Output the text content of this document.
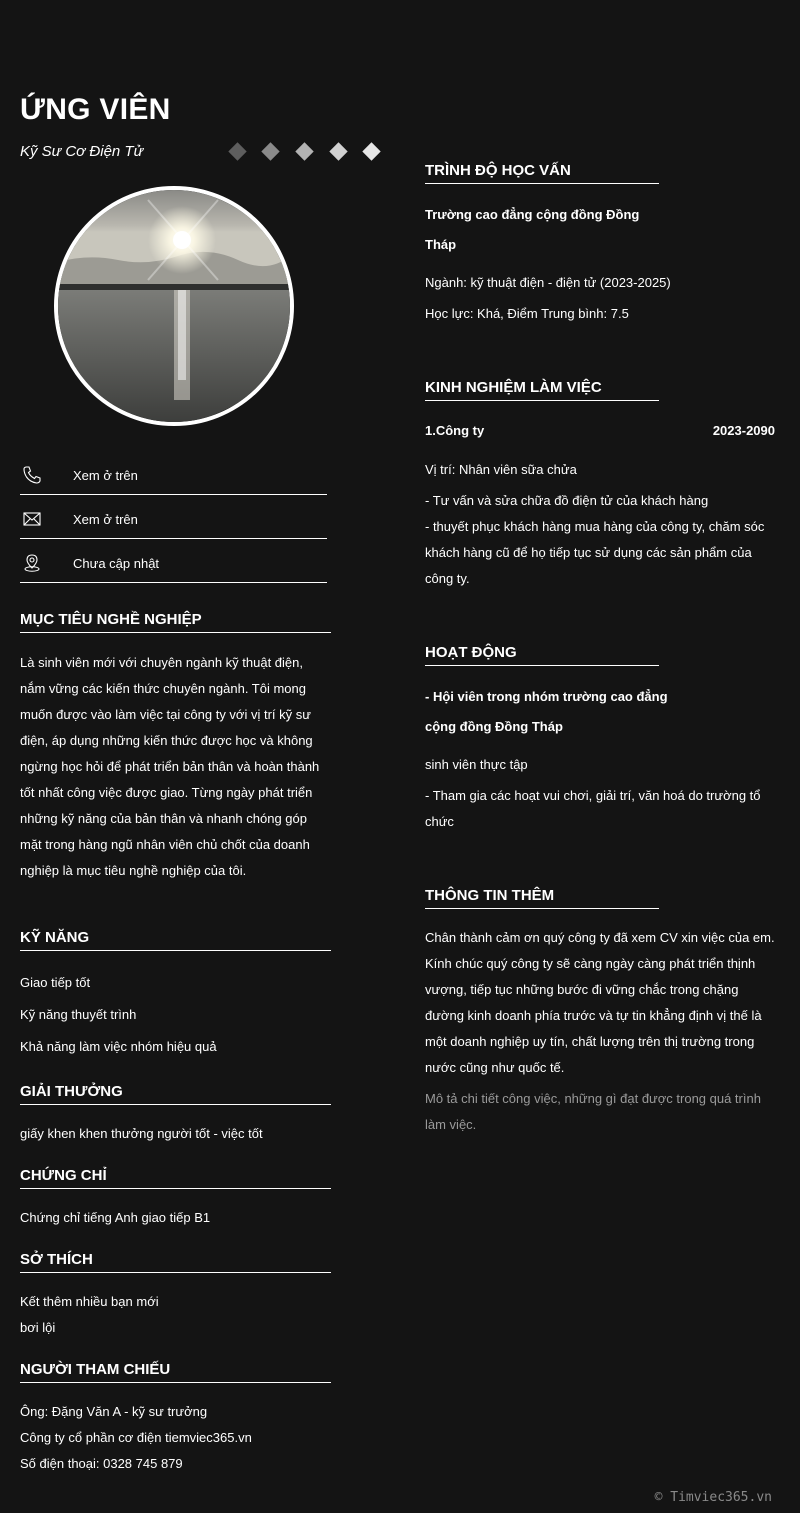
ỨNG VIÊN
Kỹ Sư Cơ Điện Tử
Xem ở trên
Xem ở trên
Chưa cập nhật
MỤC TIÊU NGHỀ NGHIỆP
Là sinh viên mới với chuyên ngành kỹ thuật điện, nắm vững các kiến thức chuyên ngành. Tôi mong muốn được vào làm việc tại công ty với vị trí kỹ sư điện, áp dụng những kiến thức được học và không ngừng học hỏi để phát triển bản thân và hoàn thành tốt nhất công việc được giao. Từng ngày phát triển những kỹ năng của bản thân và nhanh chóng góp mặt trong hàng ngũ nhân viên chủ chốt của doanh nghiệp là mục tiêu nghề nghiệp của tôi.
KỸ NĂNG
Giao tiếp tốt
Kỹ năng thuyết trình
Khả năng làm việc nhóm hiệu quả
GIẢI THƯỞNG
giấy khen khen thưởng người tốt - việc tốt
CHỨNG CHỈ
Chứng chỉ tiếng Anh giao tiếp B1
SỞ THÍCH
Kết thêm nhiều bạn mới
bơi lội
NGƯỜI THAM CHIẾU
Ông: Đặng Văn A - kỹ sư trưởng
Công ty cổ phần cơ điện tiemviec365.vn
Số điện thoại: 0328 745 879
TRÌNH ĐỘ HỌC VẤN
Trường cao đẳng cộng đồng Đồng Tháp
Ngành: kỹ thuật điện - điện tử (2023-2025)
Học lực: Khá, Điểm Trung bình: 7.5
KINH NGHIỆM LÀM VIỆC
1.Công ty	2023-2090
Vị trí: Nhân viên sữa chửa
- Tư vấn và sửa chữa đồ điện tử của khách hàng
- thuyết phục khách hàng mua hàng của công ty, chăm sóc khách hàng cũ để họ tiếp tục sử dụng các sản phẩm của công ty.
HOẠT ĐỘNG
- Hội viên trong nhóm trường cao đẳng cộng đồng Đồng Tháp
sinh viên thực tập
- Tham gia các hoạt vui chơi, giải trí, văn hoá do trường tổ chức
THÔNG TIN THÊM
Chân thành cảm ơn quý công ty đã xem CV xin việc của em. Kính chúc quý công ty sẽ càng ngày càng phát triển thịnh vượng, tiếp tục những bước đi vững chắc trong chặng đường kinh doanh phía trước và tự tin khẳng định vị thế là một doanh nghiệp uy tín, chất lượng trên thị trường trong nước cũng như quốc tế.
Mô tả chi tiết công việc, những gì đạt được trong quá trình làm việc.
© Timviec365.vn
